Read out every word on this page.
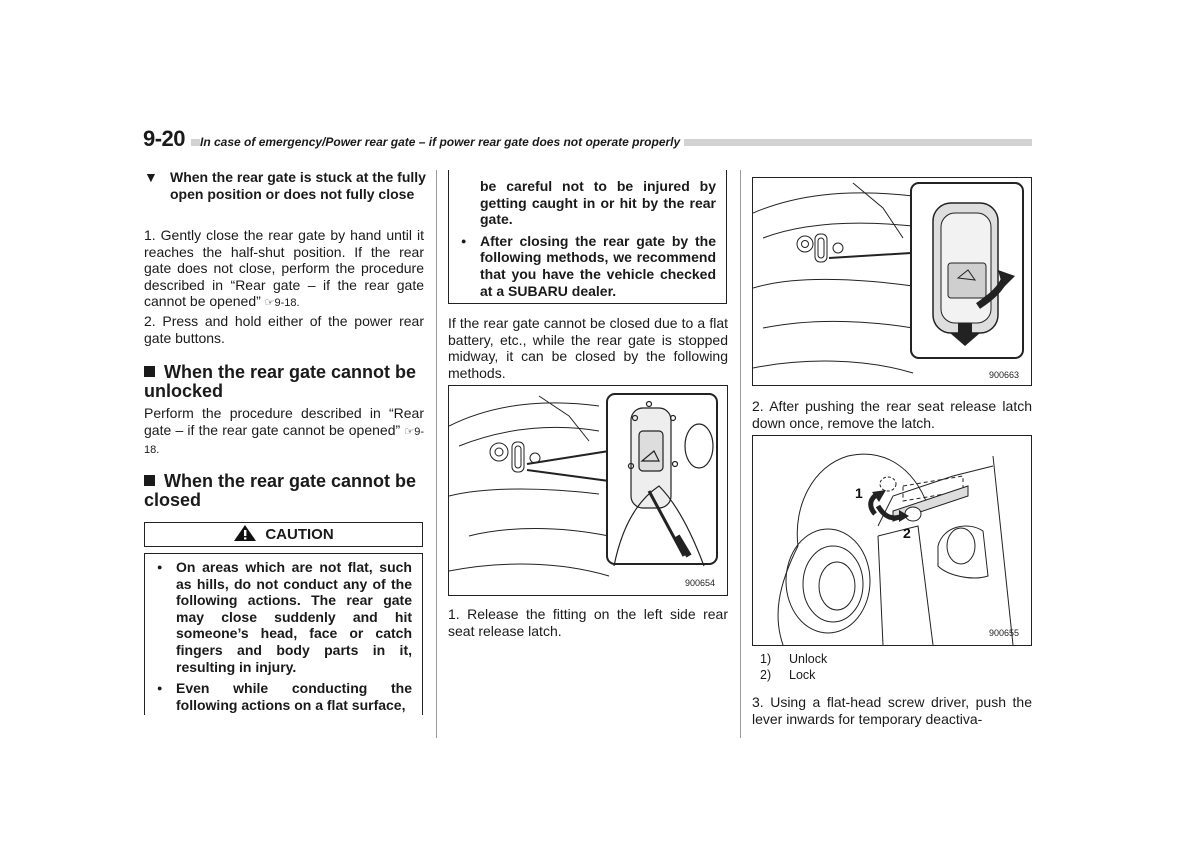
9-20	In case of emergency/Power rear gate – if power rear gate does not operate properly
▼ When the rear gate is stuck at the fully open position or does not fully close

1. Gently close the rear gate by hand until it reaches the half-shut position. If the rear gate does not close, perform the procedure described in “Rear gate – if the rear gate cannot be opened” ☞9-18.

2. Press and hold either of the power rear gate buttons.

When the rear gate cannot be unlocked

Perform the procedure described in “Rear gate – if the rear gate cannot be opened” ☞9-18.

When the rear gate cannot be closed
CAUTION
● On areas which are not flat, such as hills, do not conduct any of the following actions. The rear gate may close suddenly and hit someone’s head, face or catch fingers and body parts in it, resulting in injury.
● Even while conducting the following actions on a flat surface,
be careful not to be injured by getting caught in or hit by the rear gate.
● After closing the rear gate by the following methods, we recommend that you have the vehicle checked at a SUBARU dealer.

If the rear gate cannot be closed due to a flat battery, etc., while the rear gate is stopped midway, it can be closed by the following methods.

900654

1. Release the fitting on the left side rear seat release latch.

900663

2. After pushing the rear seat release latch down once, remove the latch.

1
2
900655
1) Unlock
2) Lock

3. Using a flat-head screw driver, push the lever inwards for temporary deactiva-
